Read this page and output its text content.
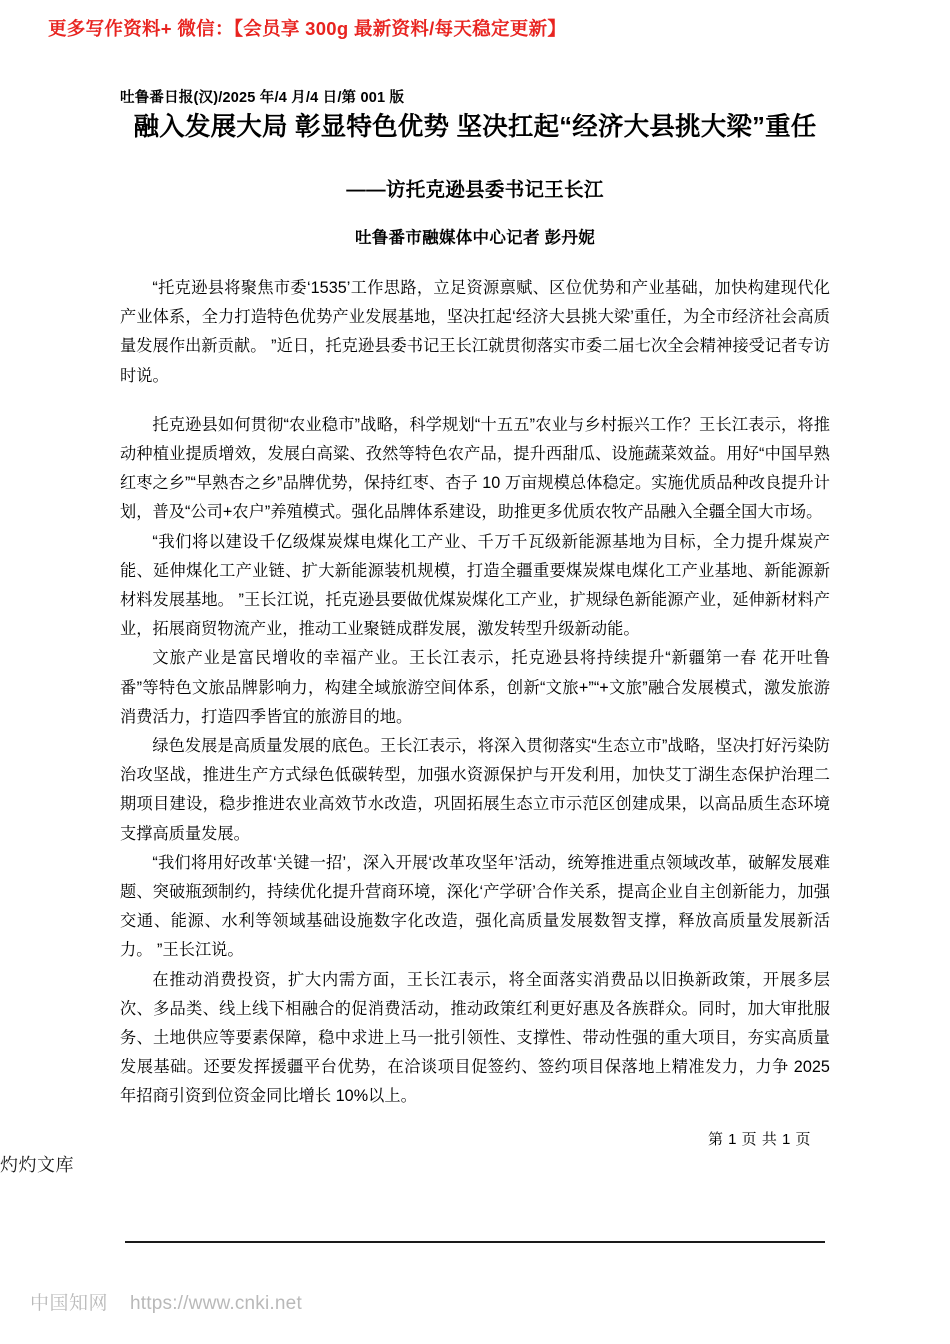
更多写作资料+ 微信：【会员享 300g 最新资料/每天稳定更新】
吐鲁番日报(汉)/2025 年/4 月/4 日/第 001 版
融入发展大局 彰显特色优势 坚决扛起“经济大县挑大梁”重任
——访托克逊县委书记王长江
吐鲁番市融媒体中心记者 彭丹妮

“托克逊县将聚焦市委‘1535’工作思路，立足资源禀赋、区位优势和产业基础，加快构建现代化产业体系，全力打造特色优势产业发展基地，坚决扛起‘经济大县挑大梁’重任，为全市经济社会高质量发展作出新贡献。 ”近日，托克逊县委书记王长江就贯彻落实市委二届七次全会精神接受记者专访时说。

托克逊县如何贯彻“农业稳市”战略，科学规划“十五五”农业与乡村振兴工作？王长江表示，将推动种植业提质增效，发展白高粱、孜然等特色农产品，提升西甜瓜、设施蔬菜效益。用好“中国早熟红枣之乡”“早熟杏之乡”品牌优势，保持红枣、杏子 10 万亩规模总体稳定。实施优质品种改良提升计划，普及“公司+农户”养殖模式。强化品牌体系建设，助推更多优质农牧产品融入全疆全国大市场。

“我们将以建设千亿级煤炭煤电煤化工产业、千万千瓦级新能源基地为目标，全力提升煤炭产能、延伸煤化工产业链、扩大新能源装机规模，打造全疆重要煤炭煤电煤化工产业基地、新能源新材料发展基地。 ”王长江说，托克逊县要做优煤炭煤化工产业，扩规绿色新能源产业，延伸新材料产业，拓展商贸物流产业，推动工业聚链成群发展，激发转型升级新动能。

文旅产业是富民增收的幸福产业。王长江表示，托克逊县将持续提升“新疆第一春 花开吐鲁番”等特色文旅品牌影响力，构建全域旅游空间体系，创新“文旅+”“+文旅”融合发展模式，激发旅游消费活力，打造四季皆宜的旅游目的地。

绿色发展是高质量发展的底色。王长江表示，将深入贯彻落实“生态立市”战略，坚决打好污染防治攻坚战，推进生产方式绿色低碳转型，加强水资源保护与开发利用，加快艾丁湖生态保护治理二期项目建设，稳步推进农业高效节水改造，巩固拓展生态立市示范区创建成果，以高品质生态环境支撑高质量发展。

“我们将用好改革‘关键一招’，深入开展‘改革攻坚年’活动，统筹推进重点领域改革，破解发展难题、突破瓶颈制约，持续优化提升营商环境，深化‘产学研’合作关系，提高企业自主创新能力，加强交通、能源、水利等领域基础设施数字化改造，强化高质量发展数智支撑，释放高质量发展新活力。 ”王长江说。

在推动消费投资，扩大内需方面，王长江表示，将全面落实消费品以旧换新政策，开展多层次、多品类、线上线下相融合的促消费活动，推动政策红利更好惠及各族群众。同时，加大审批服务、土地供应等要素保障，稳中求进上马一批引领性、支撑性、带动性强的重大项目，夯实高质量发展基础。还要发挥援疆平台优势，在洽谈项目促签约、签约项目保落地上精准发力，力争 2025 年招商引资到位资金同比增长 10%以上。

第 1 页 共 1 页
灼灼文库
中国知网 https://www.cnki.net
